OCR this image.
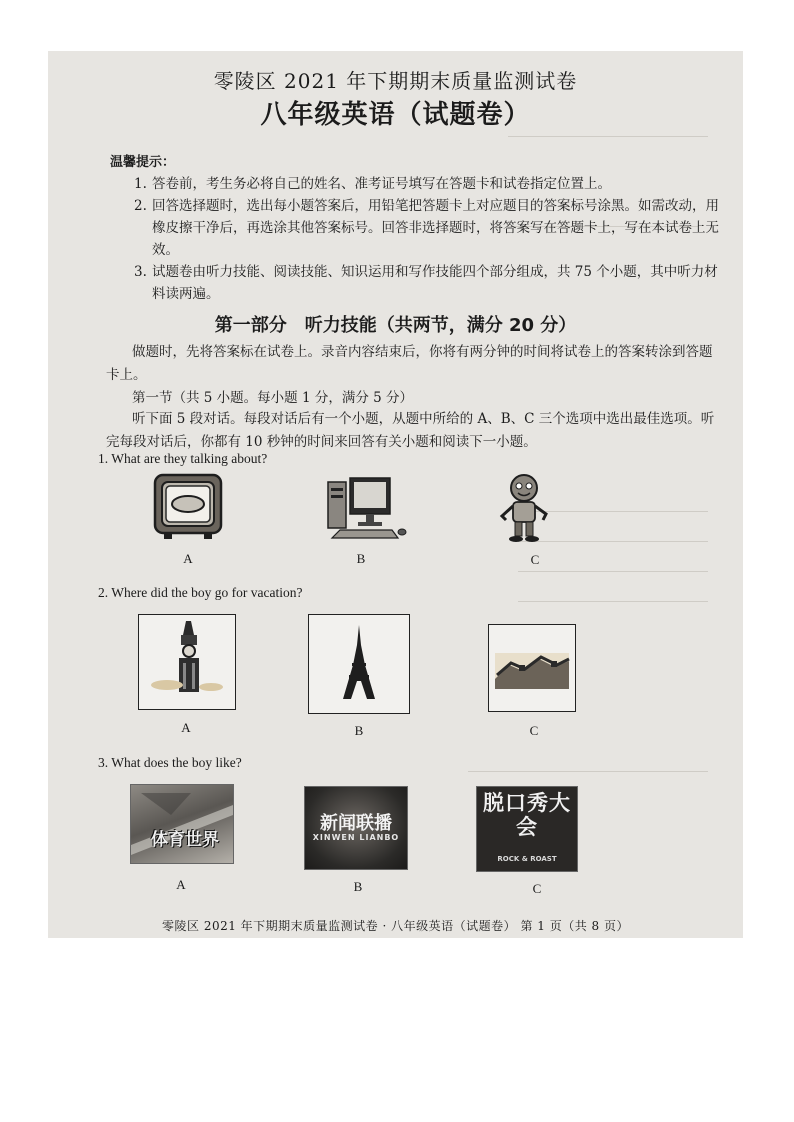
零陵区 2021 年下期期末质量监测试卷
八年级英语（试题卷）
温馨提示：
1. 答卷前，考生务必将自己的姓名、准考证号填写在答题卡和试卷指定位置上。
2. 回答选择题时，选出每小题答案后，用铅笔把答题卡上对应题目的答案标号涂黑。如需改动，用橡皮擦干净后，再选涂其他答案标号。回答非选择题时，将答案写在答题卡上，写在本试卷上无效。
3. 试题卷由听力技能、阅读技能、知识运用和写作技能四个部分组成，共 75 个小题，其中听力材料读两遍。
第一部分　听力技能（共两节，满分 20 分）
做题时，先将答案标在试卷上。录音内容结束后，你将有两分钟的时间将试卷上的答案转涂到答题卡上。
第一节（共 5 小题。每小题 1 分，满分 5 分）
听下面 5 段对话。每段对话后有一个小题，从题中所给的 A、B、C 三个选项中选出最佳选项。听完每段对话后，你都有 10 秒钟的时间来回答有关小题和阅读下一小题。
1. What are they talking about?
A	B	C
2. Where did the boy go for vacation?
A	B	C
3. What does the boy like?
体育世界
A
新闻联播
XINWEN LIANBO
B
脱口秀大会
ROCK & ROAST
C
零陵区 2021 年下期期末质量监测试卷 · 八年级英语（试题卷） 第 1 页（共 8 页）
